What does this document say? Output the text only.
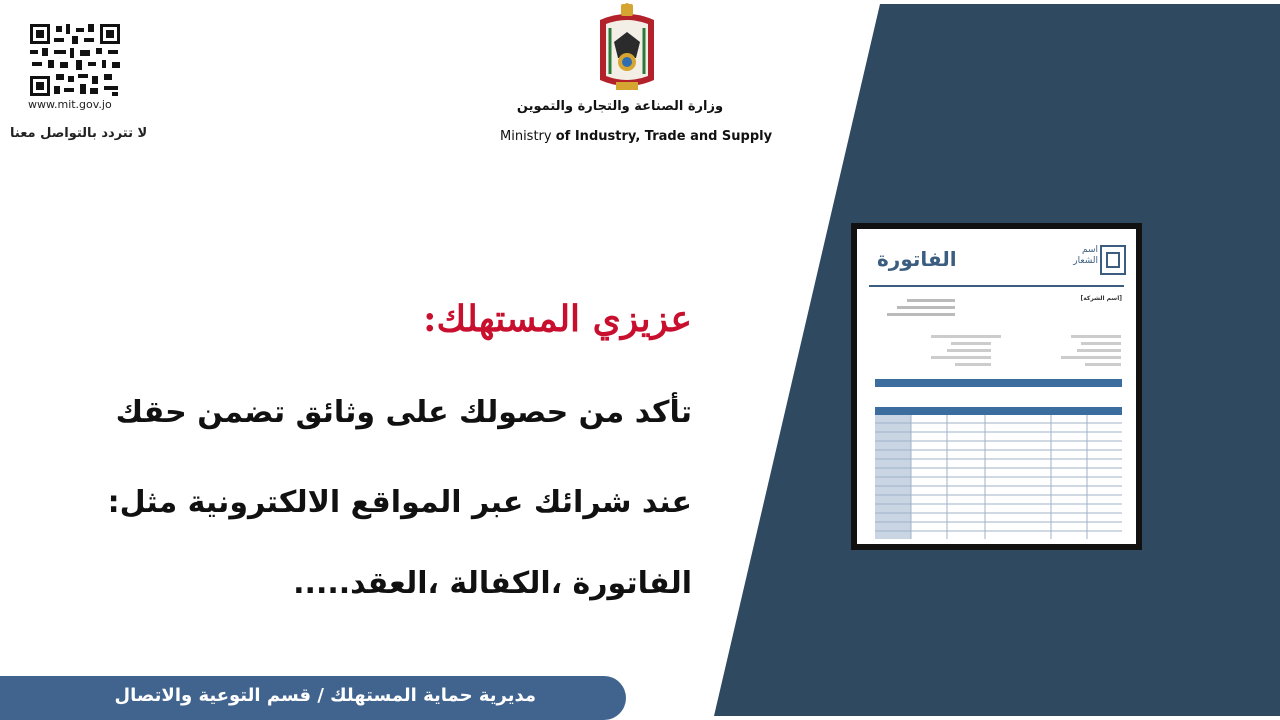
www.mit.gov.jo
لا تتردد بالتواصل معنا
وزارة الصناعة والتجارة والتموين
Ministry of Industry, Trade and Supply
عزيزي المستهلك:
تأكد من حصولك على وثائق تضمن حقك
عند شرائك عبر المواقع الالكترونية مثل:
الفاتورة ،الكفالة ،العقد.....
الفاتورة	اسم
الشعار
[اسم الشركة]
مديرية حماية المستهلك / قسم التوعية والاتصال
